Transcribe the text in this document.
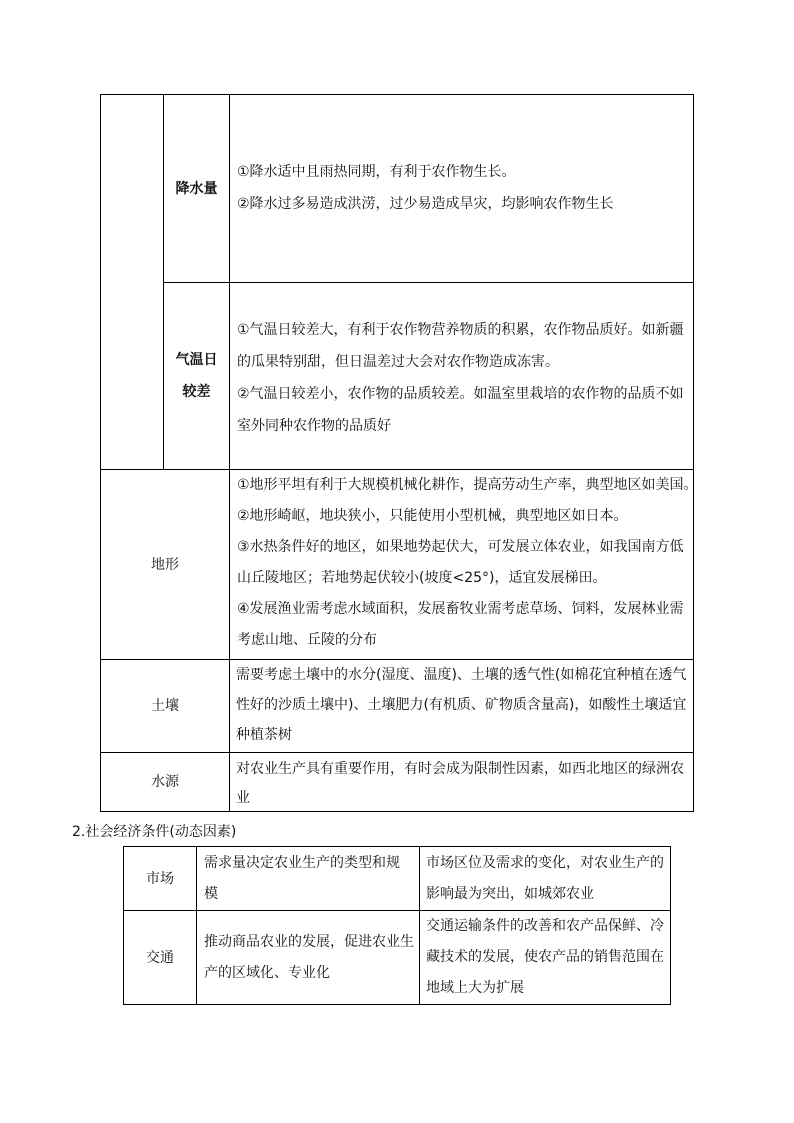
降水量
①降水适中且雨热同期，有利于农作物生长。
②降水过多易造成洪涝，过少易造成旱灾，均影响农作物生长
气温日
较差
①气温日较差大，有利于农作物营养物质的积累，农作物品质好。如新疆
的瓜果特别甜，但日温差过大会对农作物造成冻害。
②气温日较差小，农作物的品质较差。如温室里栽培的农作物的品质不如
室外同种农作物的品质好
地形
①地形平坦有利于大规模机械化耕作，提高劳动生产率，典型地区如美国。
②地形崎岖，地块狭小，只能使用小型机械，典型地区如日本。
③水热条件好的地区，如果地势起伏大，可发展立体农业，如我国南方低
山丘陵地区；若地势起伏较小(坡度<25°)，适宜发展梯田。
④发展渔业需考虑水域面积，发展畜牧业需考虑草场、饲料，发展林业需
考虑山地、丘陵的分布
土壤
需要考虑土壤中的水分(湿度、温度)、土壤的透气性(如棉花宜种植在透气
性好的沙质土壤中)、土壤肥力(有机质、矿物质含量高)，如酸性土壤适宜
种植茶树
水源
对农业生产具有重要作用，有时会成为限制性因素，如西北地区的绿洲农
业
2.社会经济条件(动态因素)
市场
需求量决定农业生产的类型和规
模
市场区位及需求的变化，对农业生产的
影响最为突出，如城郊农业
交通
推动商品农业的发展，促进农业生
产的区域化、专业化
交通运输条件的改善和农产品保鲜、冷
藏技术的发展，使农产品的销售范围在
地域上大为扩展
